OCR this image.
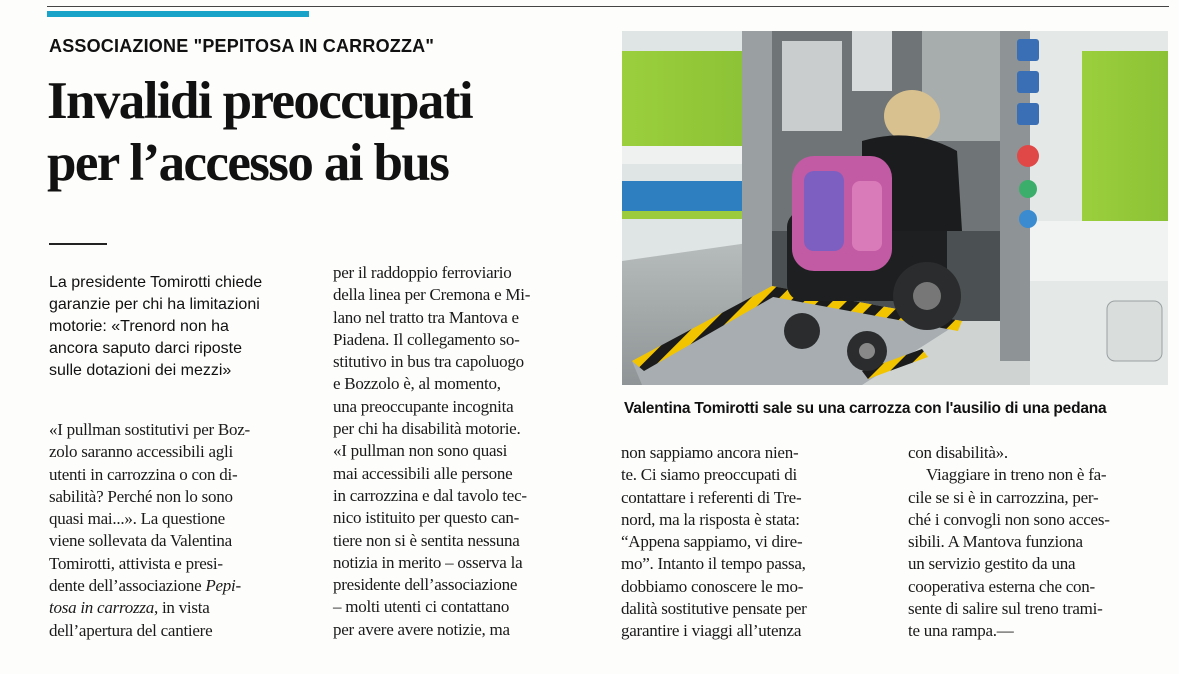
ASSOCIAZIONE "PEPITOSA IN CARROZZA"
Invalidi preoccupati
per l’accesso ai bus
La presidente Tomirotti chiede
garanzie per chi ha limitazioni
motorie: «Trenord non ha
ancora saputo darci riposte
sulle dotazioni dei mezzi»
«I pullman sostitutivi per Boz-
zolo saranno accessibili agli
utenti in carrozzina o con di-
sabilità? Perché non lo sono
quasi mai...». La questione
viene sollevata da Valentina
Tomirotti, attivista e presi-
dente dell’associazione Pepi-
tosa in carrozza, in vista
dell’apertura del cantiere
per il raddoppio ferroviario
della linea per Cremona e Mi-
lano nel tratto tra Mantova e
Piadena. Il collegamento so-
stitutivo in bus tra capoluogo
e Bozzolo è, al momento,
una preoccupante incognita
per chi ha disabilità motorie.
«I pullman non sono quasi
mai accessibili alle persone
in carrozzina e dal tavolo tec-
nico istituito per questo can-
tiere non si è sentita nessuna
notizia in merito – osserva la
presidente dell’associazione
– molti utenti ci contattano
per avere avere notizie, ma
non sappiamo ancora nien-
te. Ci siamo preoccupati di
contattare i referenti di Tre-
nord, ma la risposta è stata:
“Appena sappiamo, vi dire-
mo”. Intanto il tempo passa,
dobbiamo conoscere le mo-
dalità sostitutive pensate per
garantire i viaggi all’utenza
con disabilità».
Viaggiare in treno non è fa-
cile se si è in carrozzina, per-
ché i convogli non sono acces-
sibili. A Mantova funziona
un servizio gestito da una
cooperativa esterna che con-
sente di salire sul treno trami-
te una rampa.—
Valentina Tomirotti sale su una carrozza con l'ausilio di una pedana
